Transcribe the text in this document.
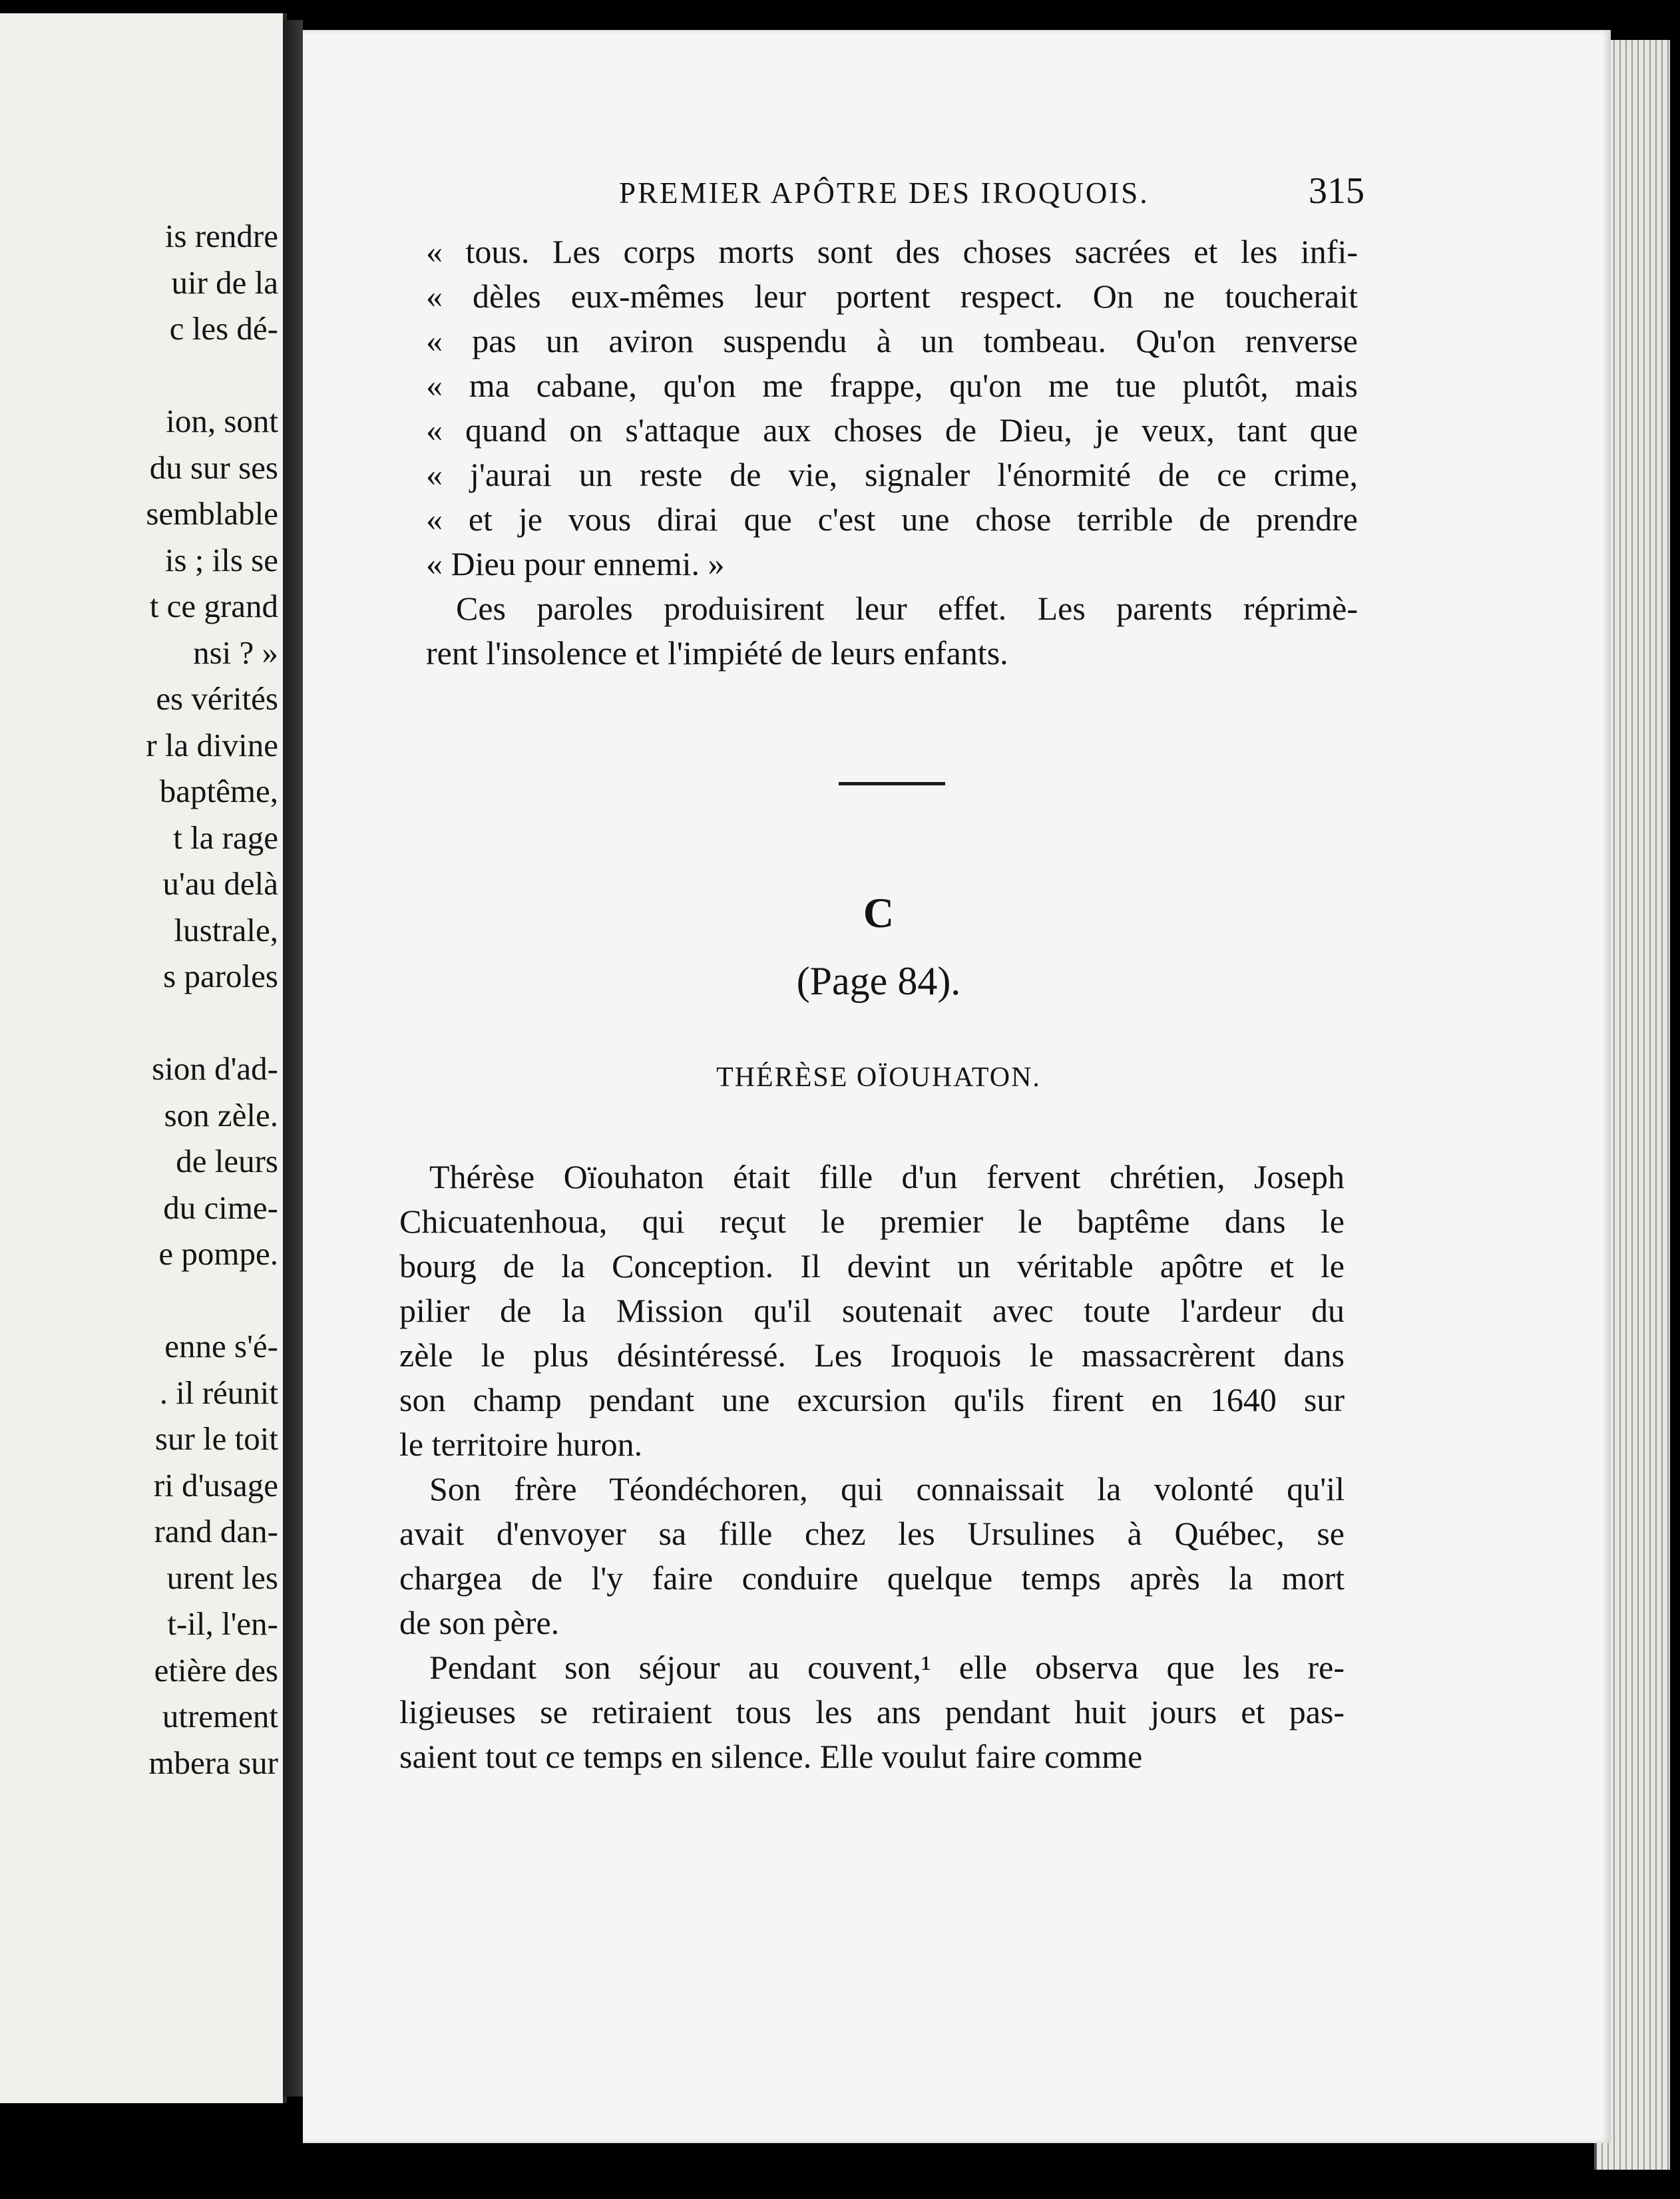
is rendre
uir de la
c les dé-
ion, sont
du sur ses
semblable
is ; ils se
t ce grand
nsi ? »
es vérités
r la divine
baptême,
t la rage
u'au delà
lustrale,
s paroles
sion d'ad-
son zèle.
de leurs
du cime-
e pompe.
enne s'é-
. il réunit
sur le toit
ri d'usage
rand dan-
urent les
t-il, l'en-
etière des
utrement
mbera sur
PREMIER APÔTRE DES IROQUOIS.	315
« tous. Les corps morts sont des choses sacrées et les infi-
« dèles eux-mêmes leur portent respect. On ne toucherait
« pas un aviron suspendu à un tombeau. Qu'on renverse
« ma cabane, qu'on me frappe, qu'on me tue plutôt, mais
« quand on s'attaque aux choses de Dieu, je veux, tant que
« j'aurai un reste de vie, signaler l'énormité de ce crime,
« et je vous dirai que c'est une chose terrible de prendre
« Dieu pour ennemi. »
Ces paroles produisirent leur effet. Les parents réprimè-
rent l'insolence et l'impiété de leurs enfants.
C
(Page 84).
THÉRÈSE OÏOUHATON.
Thérèse Oïouhaton était fille d'un fervent chrétien, Joseph
Chicuatenhoua, qui reçut le premier le baptême dans le
bourg de la Conception. Il devint un véritable apôtre et le
pilier de la Mission qu'il soutenait avec toute l'ardeur du
zèle le plus désintéressé. Les Iroquois le massacrèrent dans
son champ pendant une excursion qu'ils firent en 1640 sur
le territoire huron.
Son frère Téondéchoren, qui connaissait la volonté qu'il
avait d'envoyer sa fille chez les Ursulines à Québec, se
chargea de l'y faire conduire quelque temps après la mort
de son père.
Pendant son séjour au couvent,¹ elle observa que les re-
ligieuses se retiraient tous les ans pendant huit jours et pas-
saient tout ce temps en silence. Elle voulut faire comme
